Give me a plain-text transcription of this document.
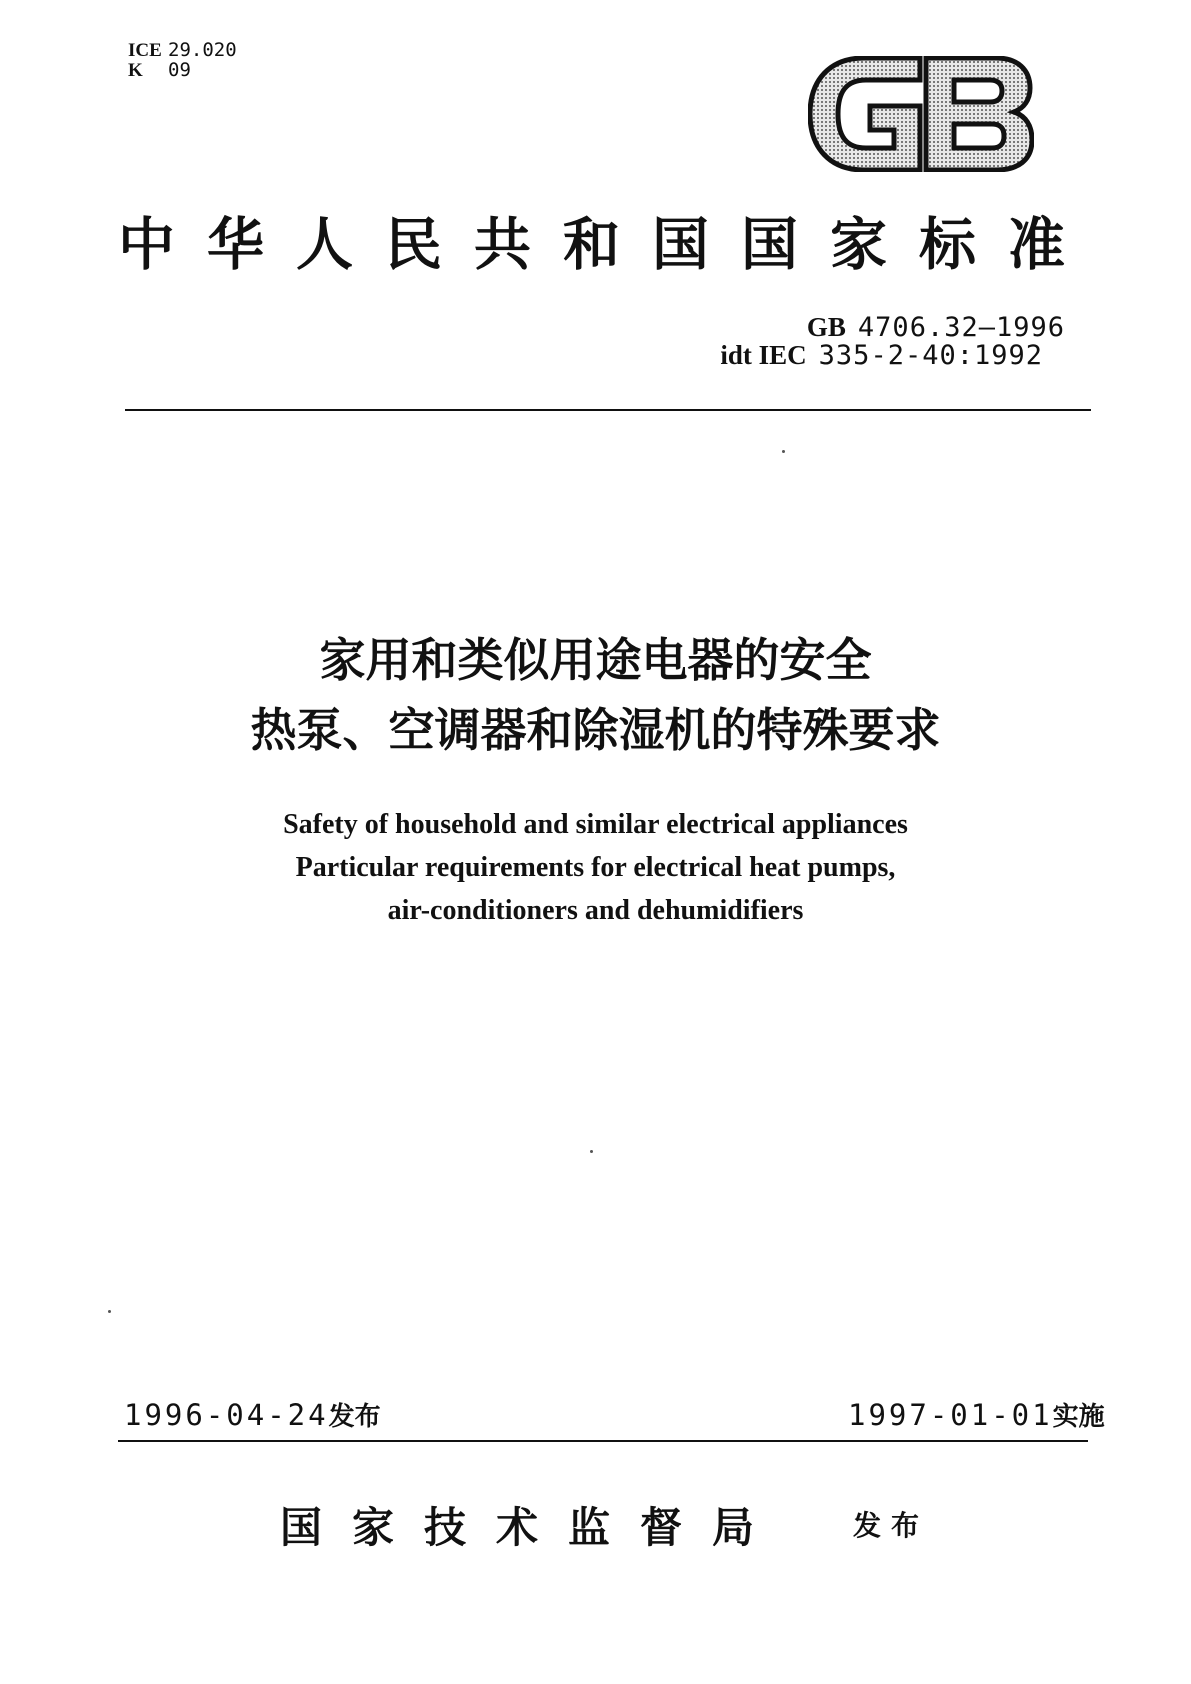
ICE 29.020
K 09
中华人民共和国国家标准
GB 4706.32—1996
idt IEC 335-2-40:1992
家用和类似用途电器的安全
热泵、空调器和除湿机的特殊要求
Safety of household and similar electrical appliances
Particular requirements for electrical heat pumps,
air-conditioners and dehumidifiers
1996-04-24发布	1997-01-01实施
国家技术监督局 发布
